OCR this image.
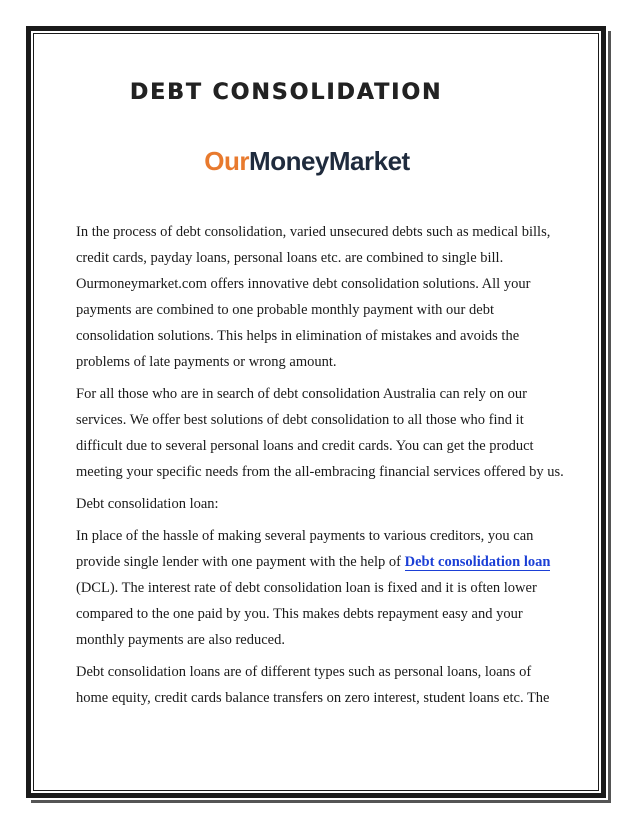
DEBT CONSOLIDATION
OurMoneyMarket

In the process of debt consolidation, varied unsecured debts such as medical bills, credit cards, payday loans, personal loans etc. are combined to single bill. Ourmoneymarket.com offers innovative debt consolidation solutions. All your payments are combined to one probable monthly payment with our debt consolidation solutions. This helps in elimination of mistakes and avoids the problems of late payments or wrong amount.

For all those who are in search of debt consolidation Australia can rely on our services. We offer best solutions of debt consolidation to all those who find it difficult due to several personal loans and credit cards. You can get the product meeting your specific needs from the all-embracing financial services offered by us.

Debt consolidation loan:

In place of the hassle of making several payments to various creditors, you can provide single lender with one payment with the help of Debt consolidation loan (DCL). The interest rate of debt consolidation loan is fixed and it is often lower compared to the one paid by you. This makes debts repayment easy and your monthly payments are also reduced.

Debt consolidation loans are of different types such as personal loans, loans of home equity, credit cards balance transfers on zero interest, student loans etc. The
